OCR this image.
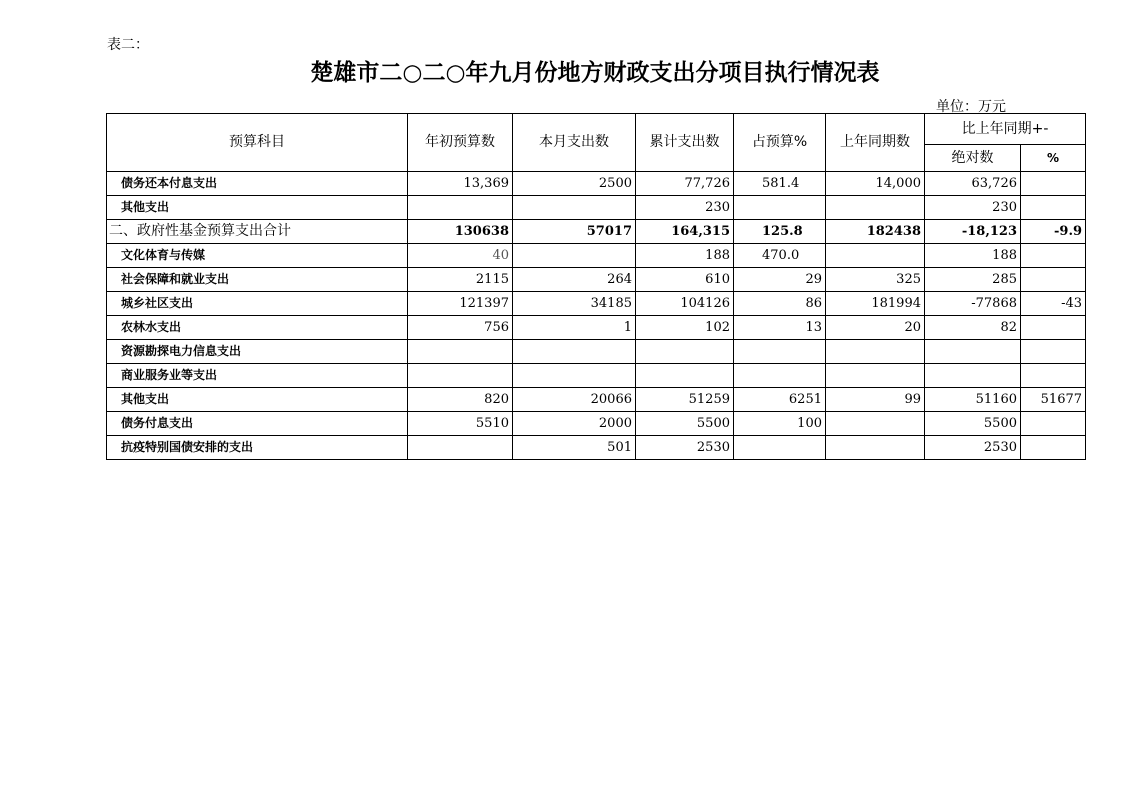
表二：
楚雄市二○二○年九月份地方财政支出分项目执行情况表
单位：万元
预算科目	年初预算数	本月支出数	累计支出数	占预算%	上年同期数	比上年同期+-	
						绝对数	%
债务还本付息支出	13,369	2500	77,726	581.4	14,000	63,726	
其他支出			230			230	
二、政府性基金预算支出合计	130638	57017	164,315	125.8	182438	-18,123	-9.9
文化体育与传媒	40		188	470.0		188	
社会保障和就业支出	2115	264	610	29	325	285	
城乡社区支出	121397	34185	104126	86	181994	-77868	-43
农林水支出	756	1	102	13	20	82	
资源勘探电力信息支出							
商业服务业等支出							
其他支出	820	20066	51259	6251	99	51160	51677
债务付息支出	5510	2000	5500	100		5500	
抗疫特别国债安排的支出		501	2530			2530	
